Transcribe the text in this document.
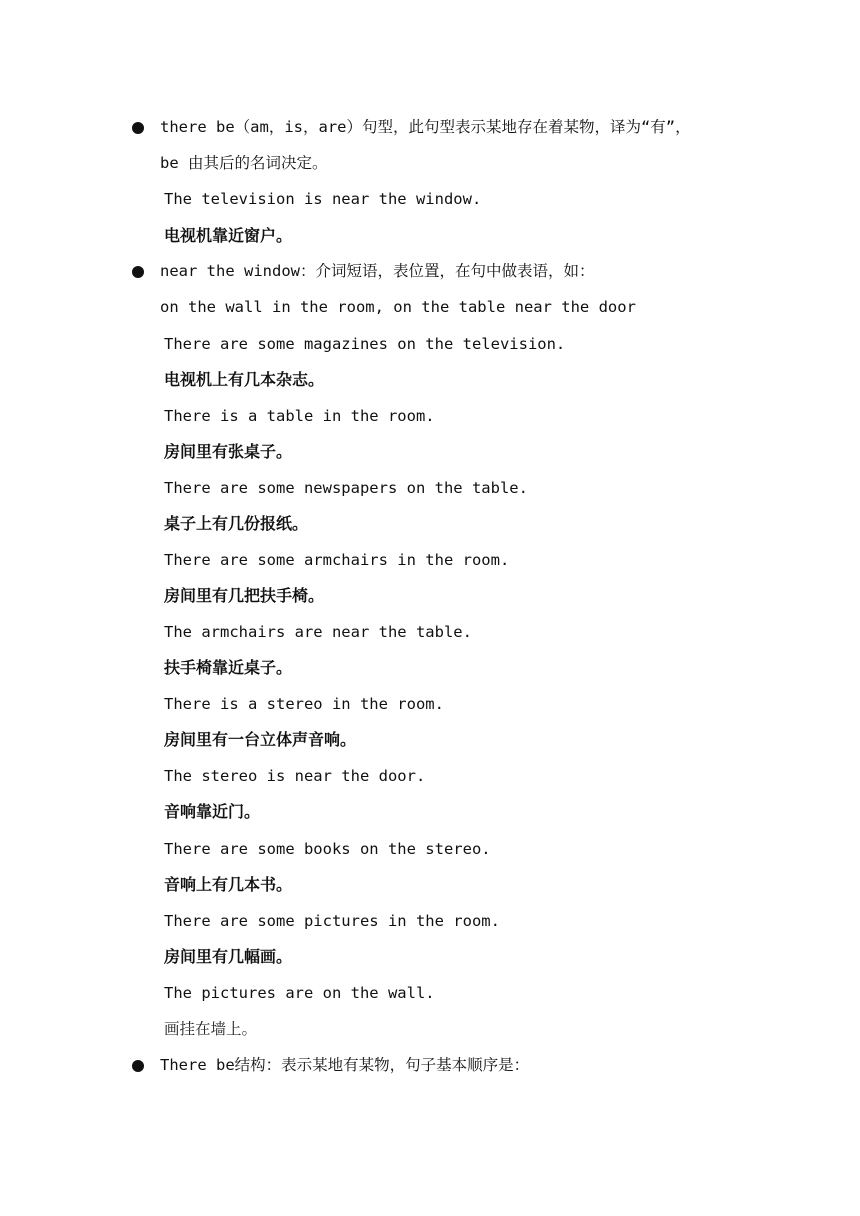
there be（am，is，are）句型，此句型表示某地存在着某物，译为“有”，
be 由其后的名词决定。
The television is near the window.
电视机靠近窗户。
near the window：介词短语，表位置，在句中做表语，如：
on the wall in the room, on the table near the door
There are some magazines on the television.
电视机上有几本杂志。
There is a table in the room.
房间里有张桌子。
There are some newspapers on the table.
桌子上有几份报纸。
There are some armchairs in the room.
房间里有几把扶手椅。
The armchairs are near the table.
扶手椅靠近桌子。
There is a stereo in the room.
房间里有一台立体声音响。
The stereo is near the door.
音响靠近门。
There are some books on the stereo.
音响上有几本书。
There are some pictures in the room.
房间里有几幅画。
The pictures are on the wall.
画挂在墙上。
There be结构：表示某地有某物，句子基本顺序是：
